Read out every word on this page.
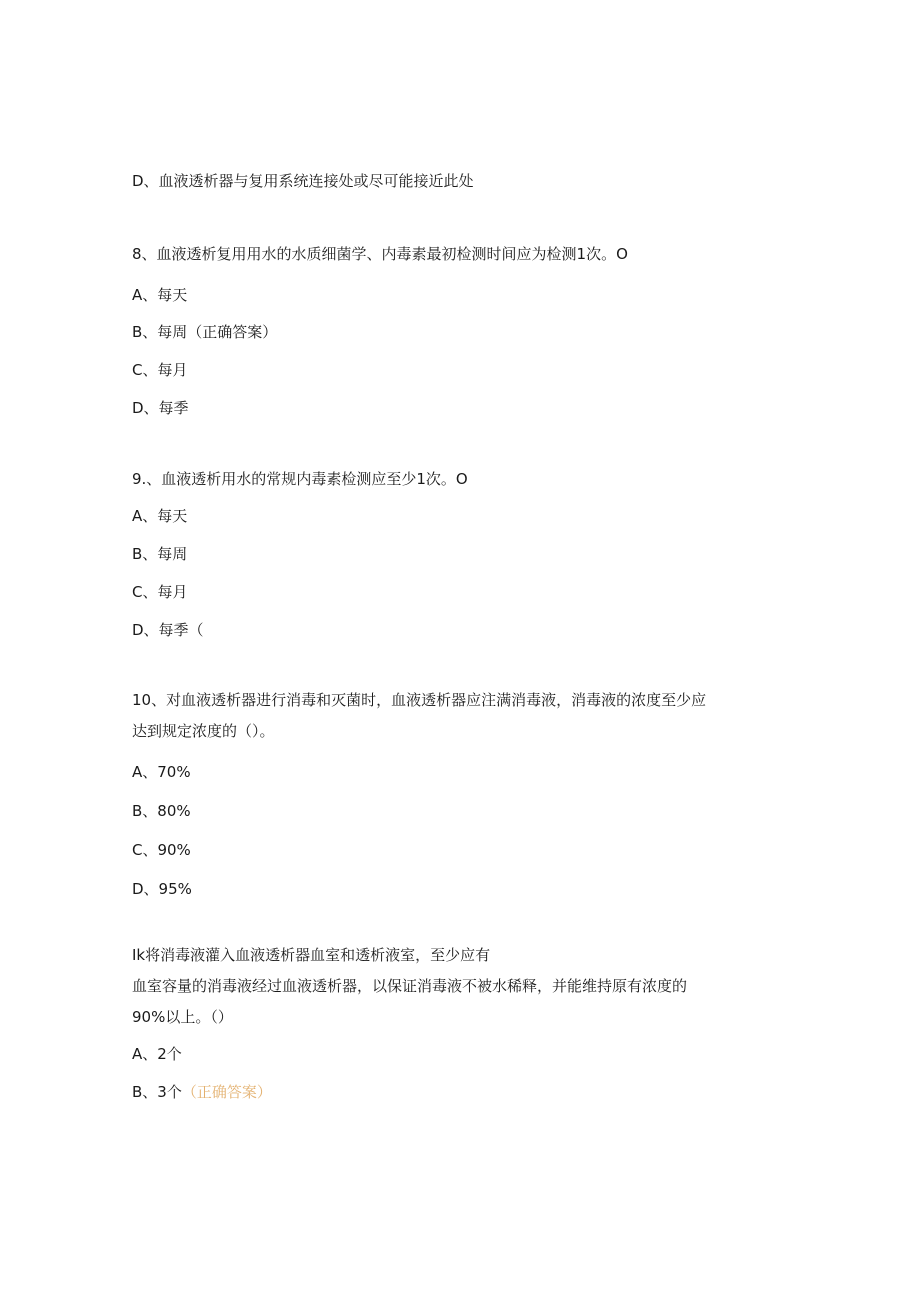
D、血液透析器与复用系统连接处或尽可能接近此处
8、血液透析复用用水的水质细菌学、内毒素最初检测时间应为检测1次。O
A、每天
B、每周（正确答案）
C、每月
D、每季
9.、血液透析用水的常规内毒素检测应至少1次。O
A、每天
B、每周
C、每月
D、每季（
10、对血液透析器进行消毒和灭菌时，血液透析器应注满消毒液，消毒液的浓度至少应
达到规定浓度的（）。
A、70%
B、80%
C、90%
D、95%
Ik将消毒液灌入血液透析器血室和透析液室，至少应有
血室容量的消毒液经过血液透析器，以保证消毒液不被水稀释，并能维持原有浓度的
90%以上。（）
A、2个
B、3个（正确答案）
